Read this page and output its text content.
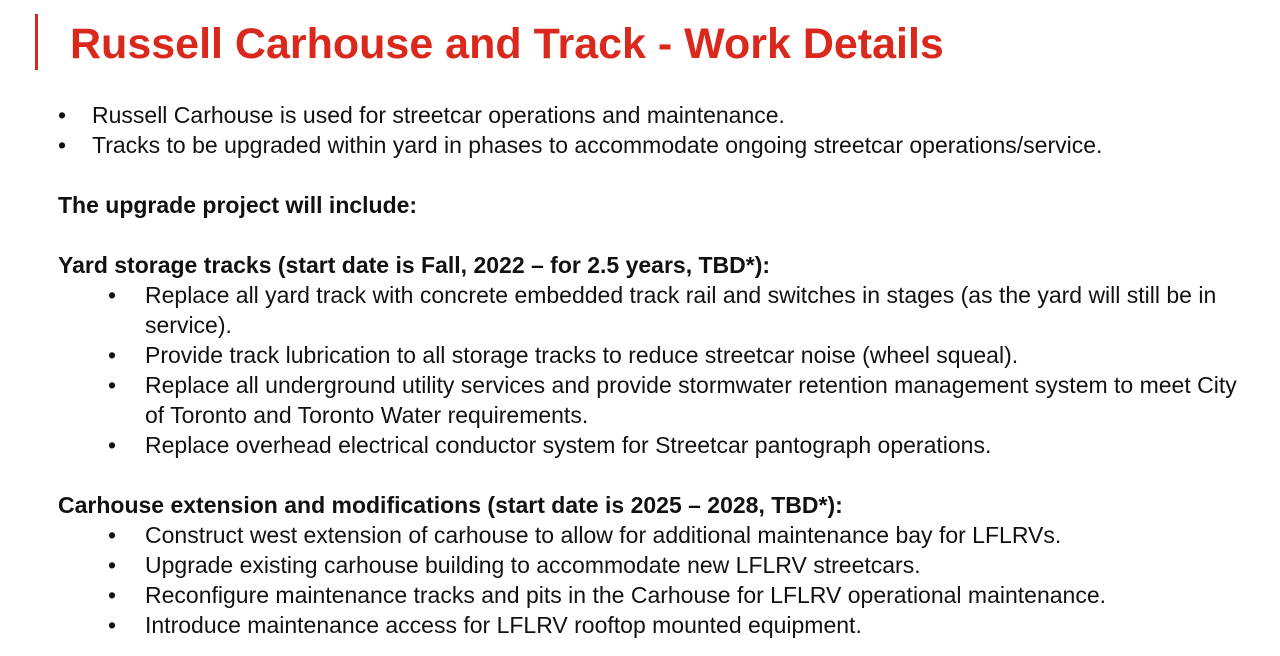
Russell Carhouse and Track - Work Details
• Russell Carhouse is used for streetcar operations and maintenance.
• Tracks to be upgraded within yard in phases to accommodate ongoing streetcar operations/service.

The upgrade project will include:

Yard storage tracks (start date is Fall, 2022 – for 2.5 years, TBD*):

• Replace all yard track with concrete embedded track rail and switches in stages (as the yard will still be in service).
• Provide track lubrication to all storage tracks to reduce streetcar noise (wheel squeal).
• Replace all underground utility services and provide stormwater retention management system to meet City of Toronto and Toronto Water requirements.
• Replace overhead electrical conductor system for Streetcar pantograph operations.

Carhouse extension and modifications (start date is 2025 – 2028, TBD*):

• Construct west extension of carhouse to allow for additional maintenance bay for LFLRVs.
• Upgrade existing carhouse building to accommodate new LFLRV streetcars.
• Reconfigure maintenance tracks and pits in the Carhouse for LFLRV operational maintenance.
• Introduce maintenance access for LFLRV rooftop mounted equipment.
